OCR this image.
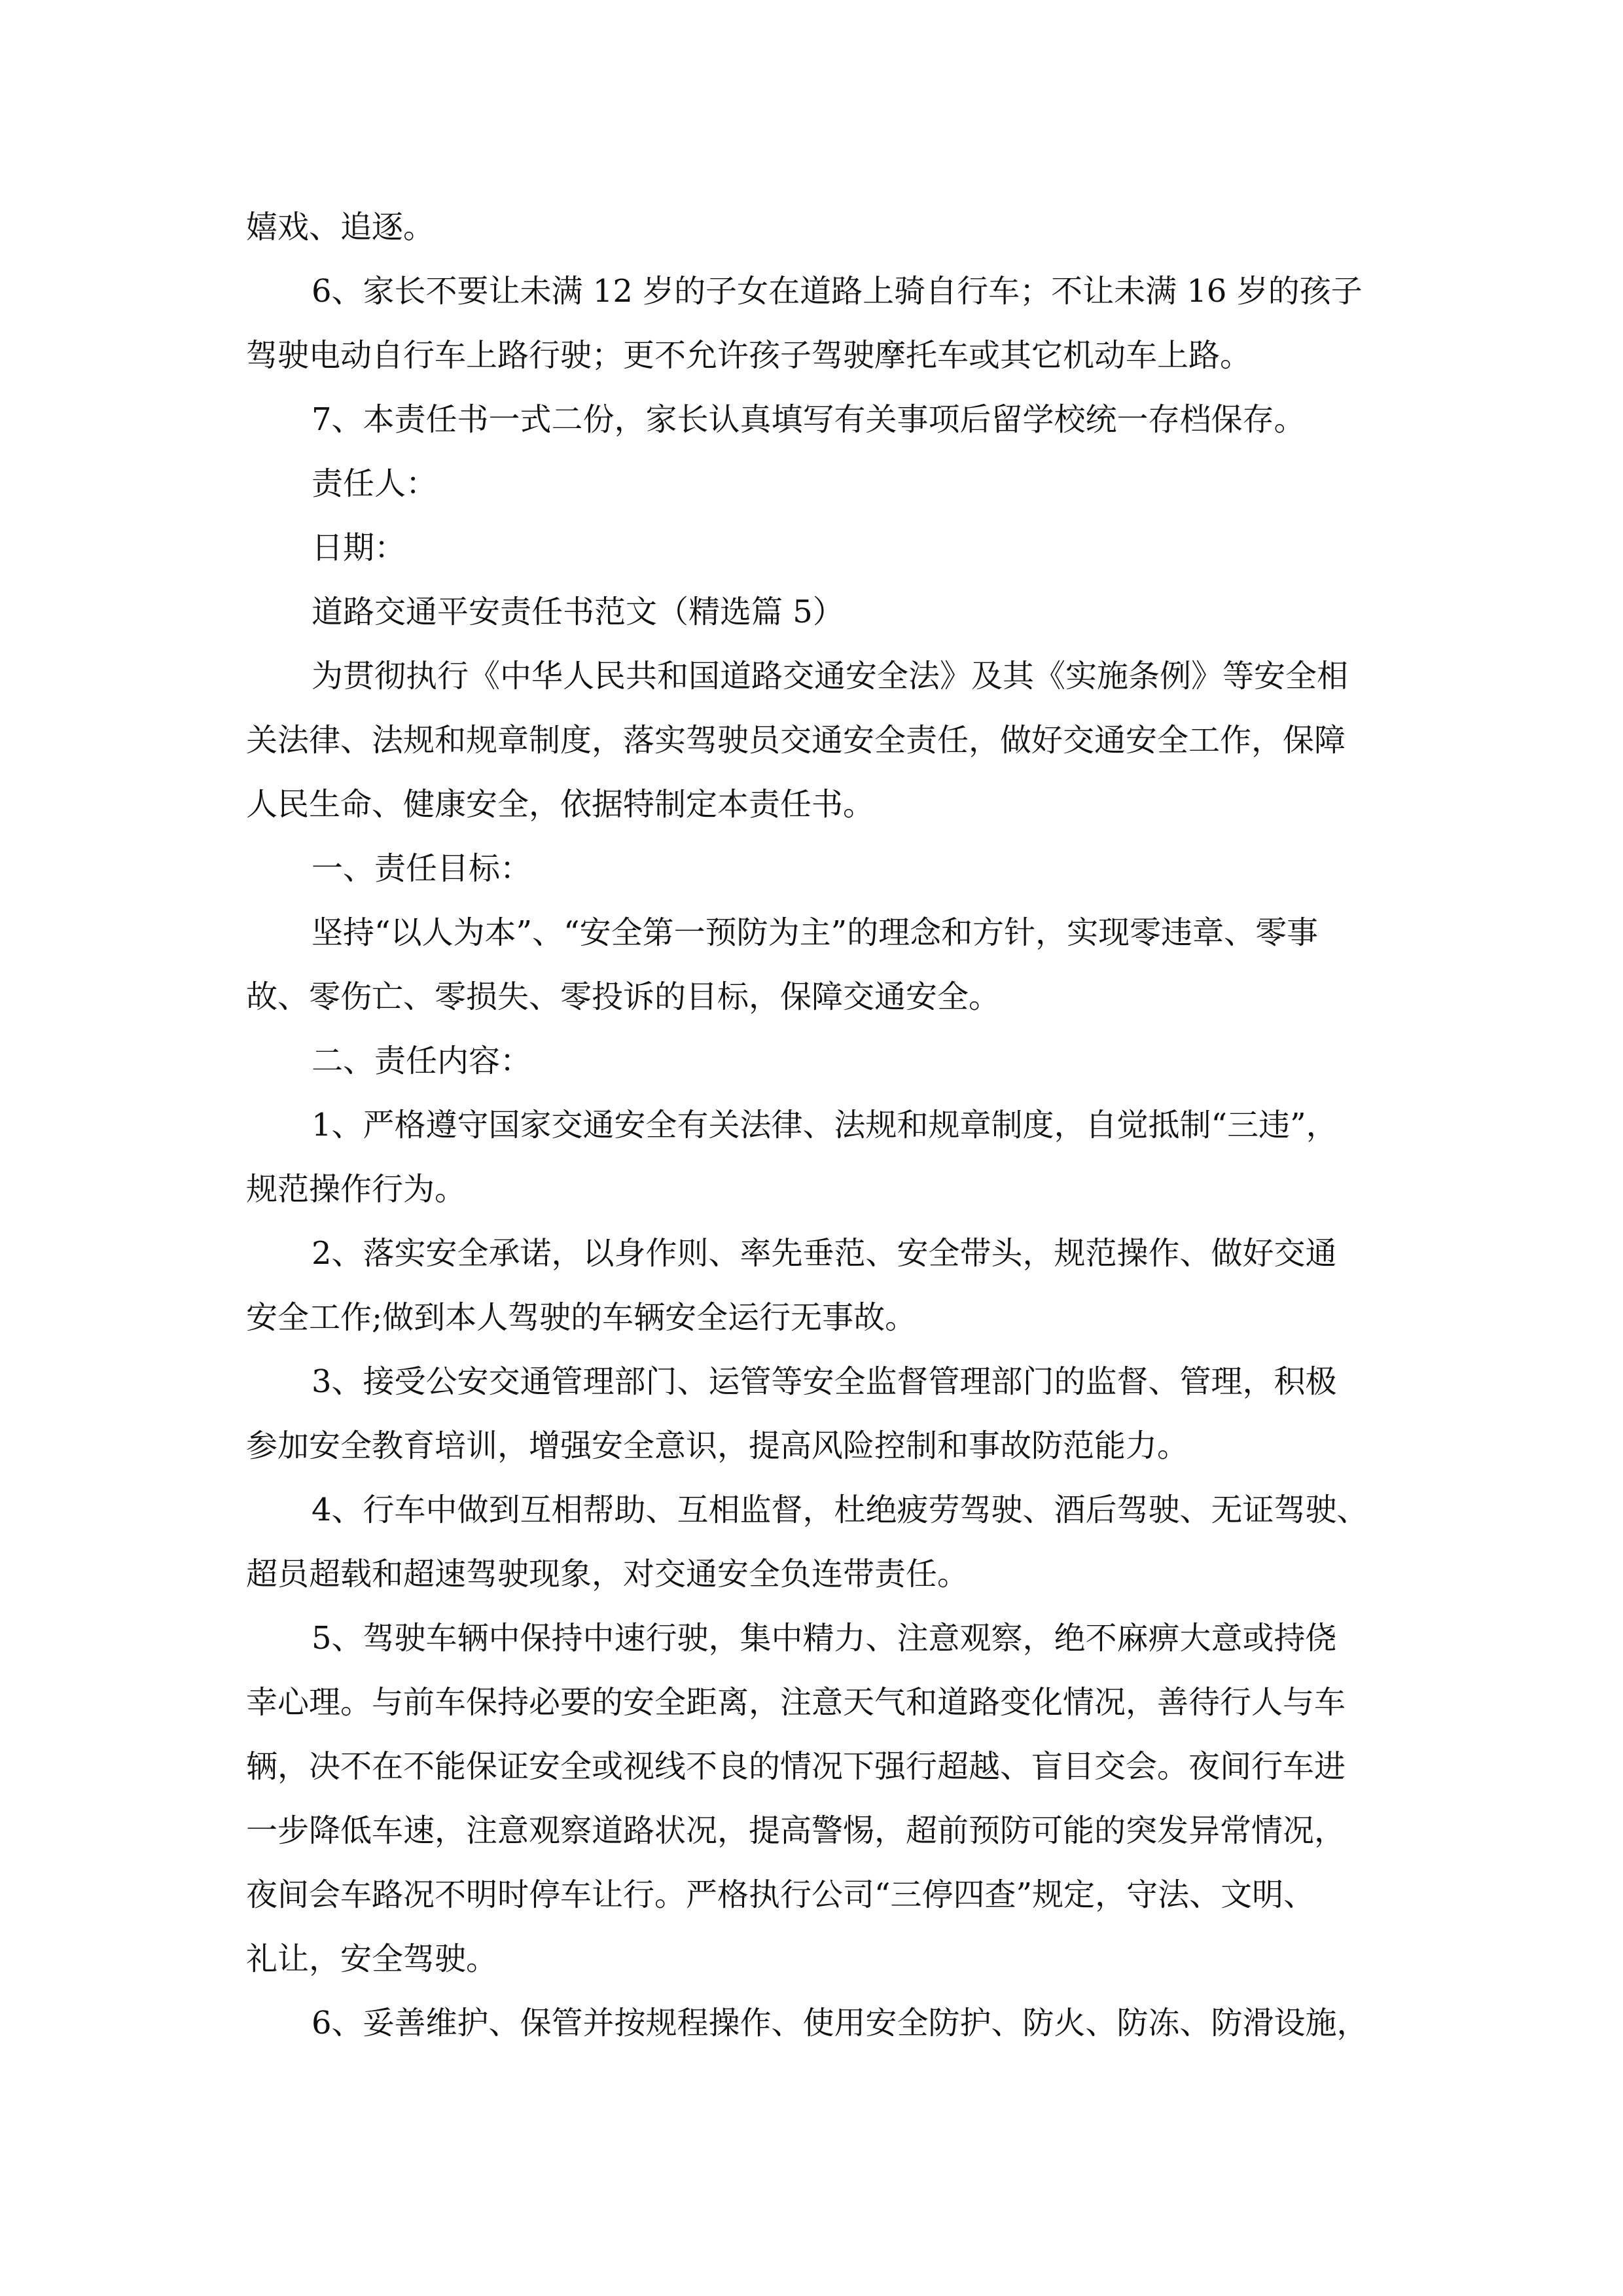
嬉戏、追逐。
6、家长不要让未满 12 岁的子女在道路上骑自行车；不让未满 16 岁的孩子
驾驶电动自行车上路行驶；更不允许孩子驾驶摩托车或其它机动车上路。
7、本责任书一式二份，家长认真填写有关事项后留学校统一存档保存。
责任人：
日期：
道路交通平安责任书范文（精选篇 5）
为贯彻执行《中华人民共和国道路交通安全法》及其《实施条例》等安全相
关法律、法规和规章制度，落实驾驶员交通安全责任，做好交通安全工作，保障
人民生命、健康安全，依据特制定本责任书。
一、责任目标：
坚持“以人为本”、“安全第一预防为主”的理念和方针，实现零违章、零事
故、零伤亡、零损失、零投诉的目标，保障交通安全。
二、责任内容：
1、严格遵守国家交通安全有关法律、法规和规章制度，自觉抵制“三违”，
规范操作行为。
2、落实安全承诺，以身作则、率先垂范、安全带头，规范操作、做好交通
安全工作;做到本人驾驶的车辆安全运行无事故。
3、接受公安交通管理部门、运管等安全监督管理部门的监督、管理，积极
参加安全教育培训，增强安全意识，提高风险控制和事故防范能力。
4、行车中做到互相帮助、互相监督，杜绝疲劳驾驶、酒后驾驶、无证驾驶、
超员超载和超速驾驶现象，对交通安全负连带责任。
5、驾驶车辆中保持中速行驶，集中精力、注意观察，绝不麻痹大意或持侥
幸心理。与前车保持必要的安全距离，注意天气和道路变化情况，善待行人与车
辆，决不在不能保证安全或视线不良的情况下强行超越、盲目交会。夜间行车进
一步降低车速，注意观察道路状况，提高警惕，超前预防可能的突发异常情况，
夜间会车路况不明时停车让行。严格执行公司“三停四查”规定，守法、文明、
礼让，安全驾驶。
6、妥善维护、保管并按规程操作、使用安全防护、防火、防冻、防滑设施，
